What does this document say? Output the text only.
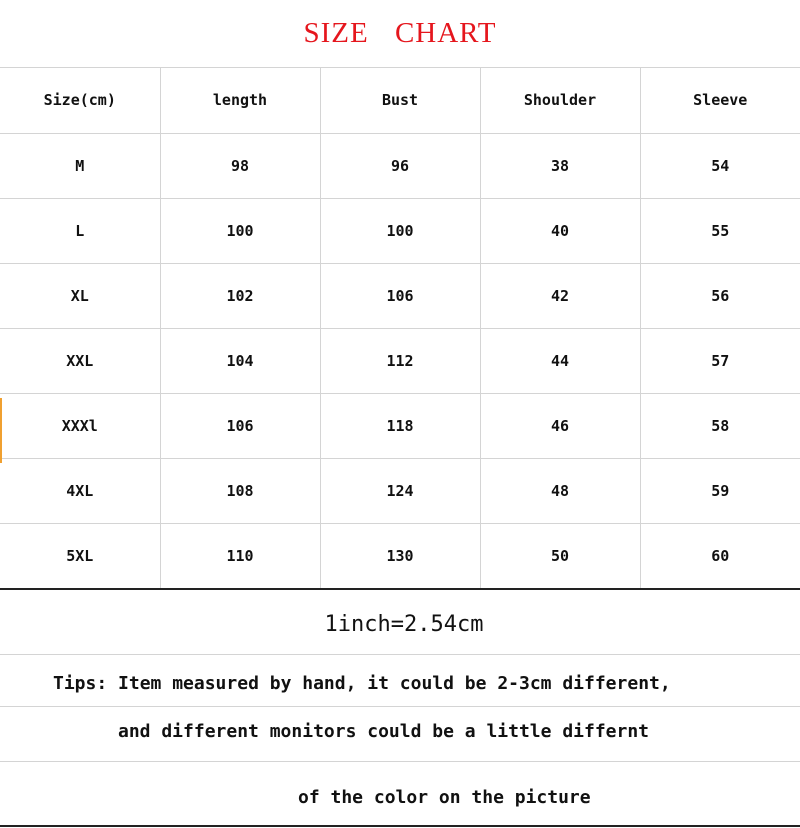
SIZE CHART
Size(cm)	length	Bust	Shoulder	Sleeve
M	98	96	38	54
L	100	100	40	55
XL	102	106	42	56
XXL	104	112	44	57
XXXl	106	118	46	58
4XL	108	124	48	59
5XL	110	130	50	60
1inch=2.54cm
Tips: Item measured by hand, it could be 2-3cm different,
and different monitors could be a little differnt
of the color on the picture
